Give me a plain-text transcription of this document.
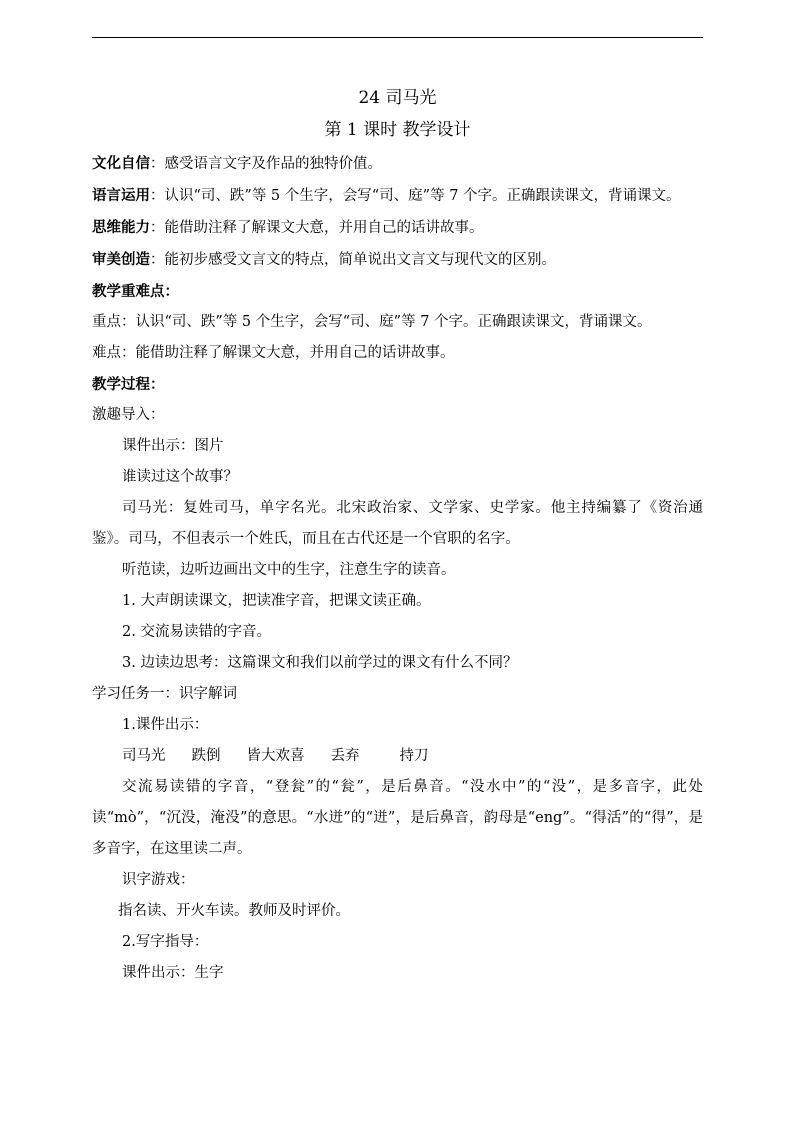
24 司马光
第 1 课时 教学设计

文化自信：感受语言文字及作品的独特价值。

语言运用：认识“司、跌”等 5 个生字，会写“司、庭”等 7 个字。正确跟读课文，背诵课文。

思维能力：能借助注释了解课文大意，并用自己的话讲故事。

审美创造：能初步感受文言文的特点，简单说出文言文与现代文的区别。

教学重难点：

重点：认识“司、跌”等 5 个生字，会写“司、庭”等 7 个字。正确跟读课文，背诵课文。

难点：能借助注释了解课文大意，并用自己的话讲故事。

教学过程：

激趣导入：

课件出示：图片

谁读过这个故事？

司马光：复姓司马，单字名光。北宋政治家、文学家、史学家。他主持编纂了《资治通鉴》。司马，不但表示一个姓氏，而且在古代还是一个官职的名字。

听范读，边听边画出文中的生字，注意生字的读音。

1. 大声朗读课文，把读准字音，把课文读正确。

2. 交流易读错的字音。

3. 边读边思考：这篇课文和我们以前学过的课文有什么不同？

学习任务一：识字解词

1.课件出示：

司马光 跌倒 皆大欢喜 丢弃	持刀

交流易读错的字音，“登瓮”的“瓮”，是后鼻音。“没水中”的“没”，是多音字，此处读“mò”，“沉没，淹没”的意思。“水迸”的“迸”，是后鼻音，韵母是“eng”。“得活”的“得”，是多音字，在这里读二声。

识字游戏：

指名读、开火车读。教师及时评价。

2.写字指导：

课件出示：生字
